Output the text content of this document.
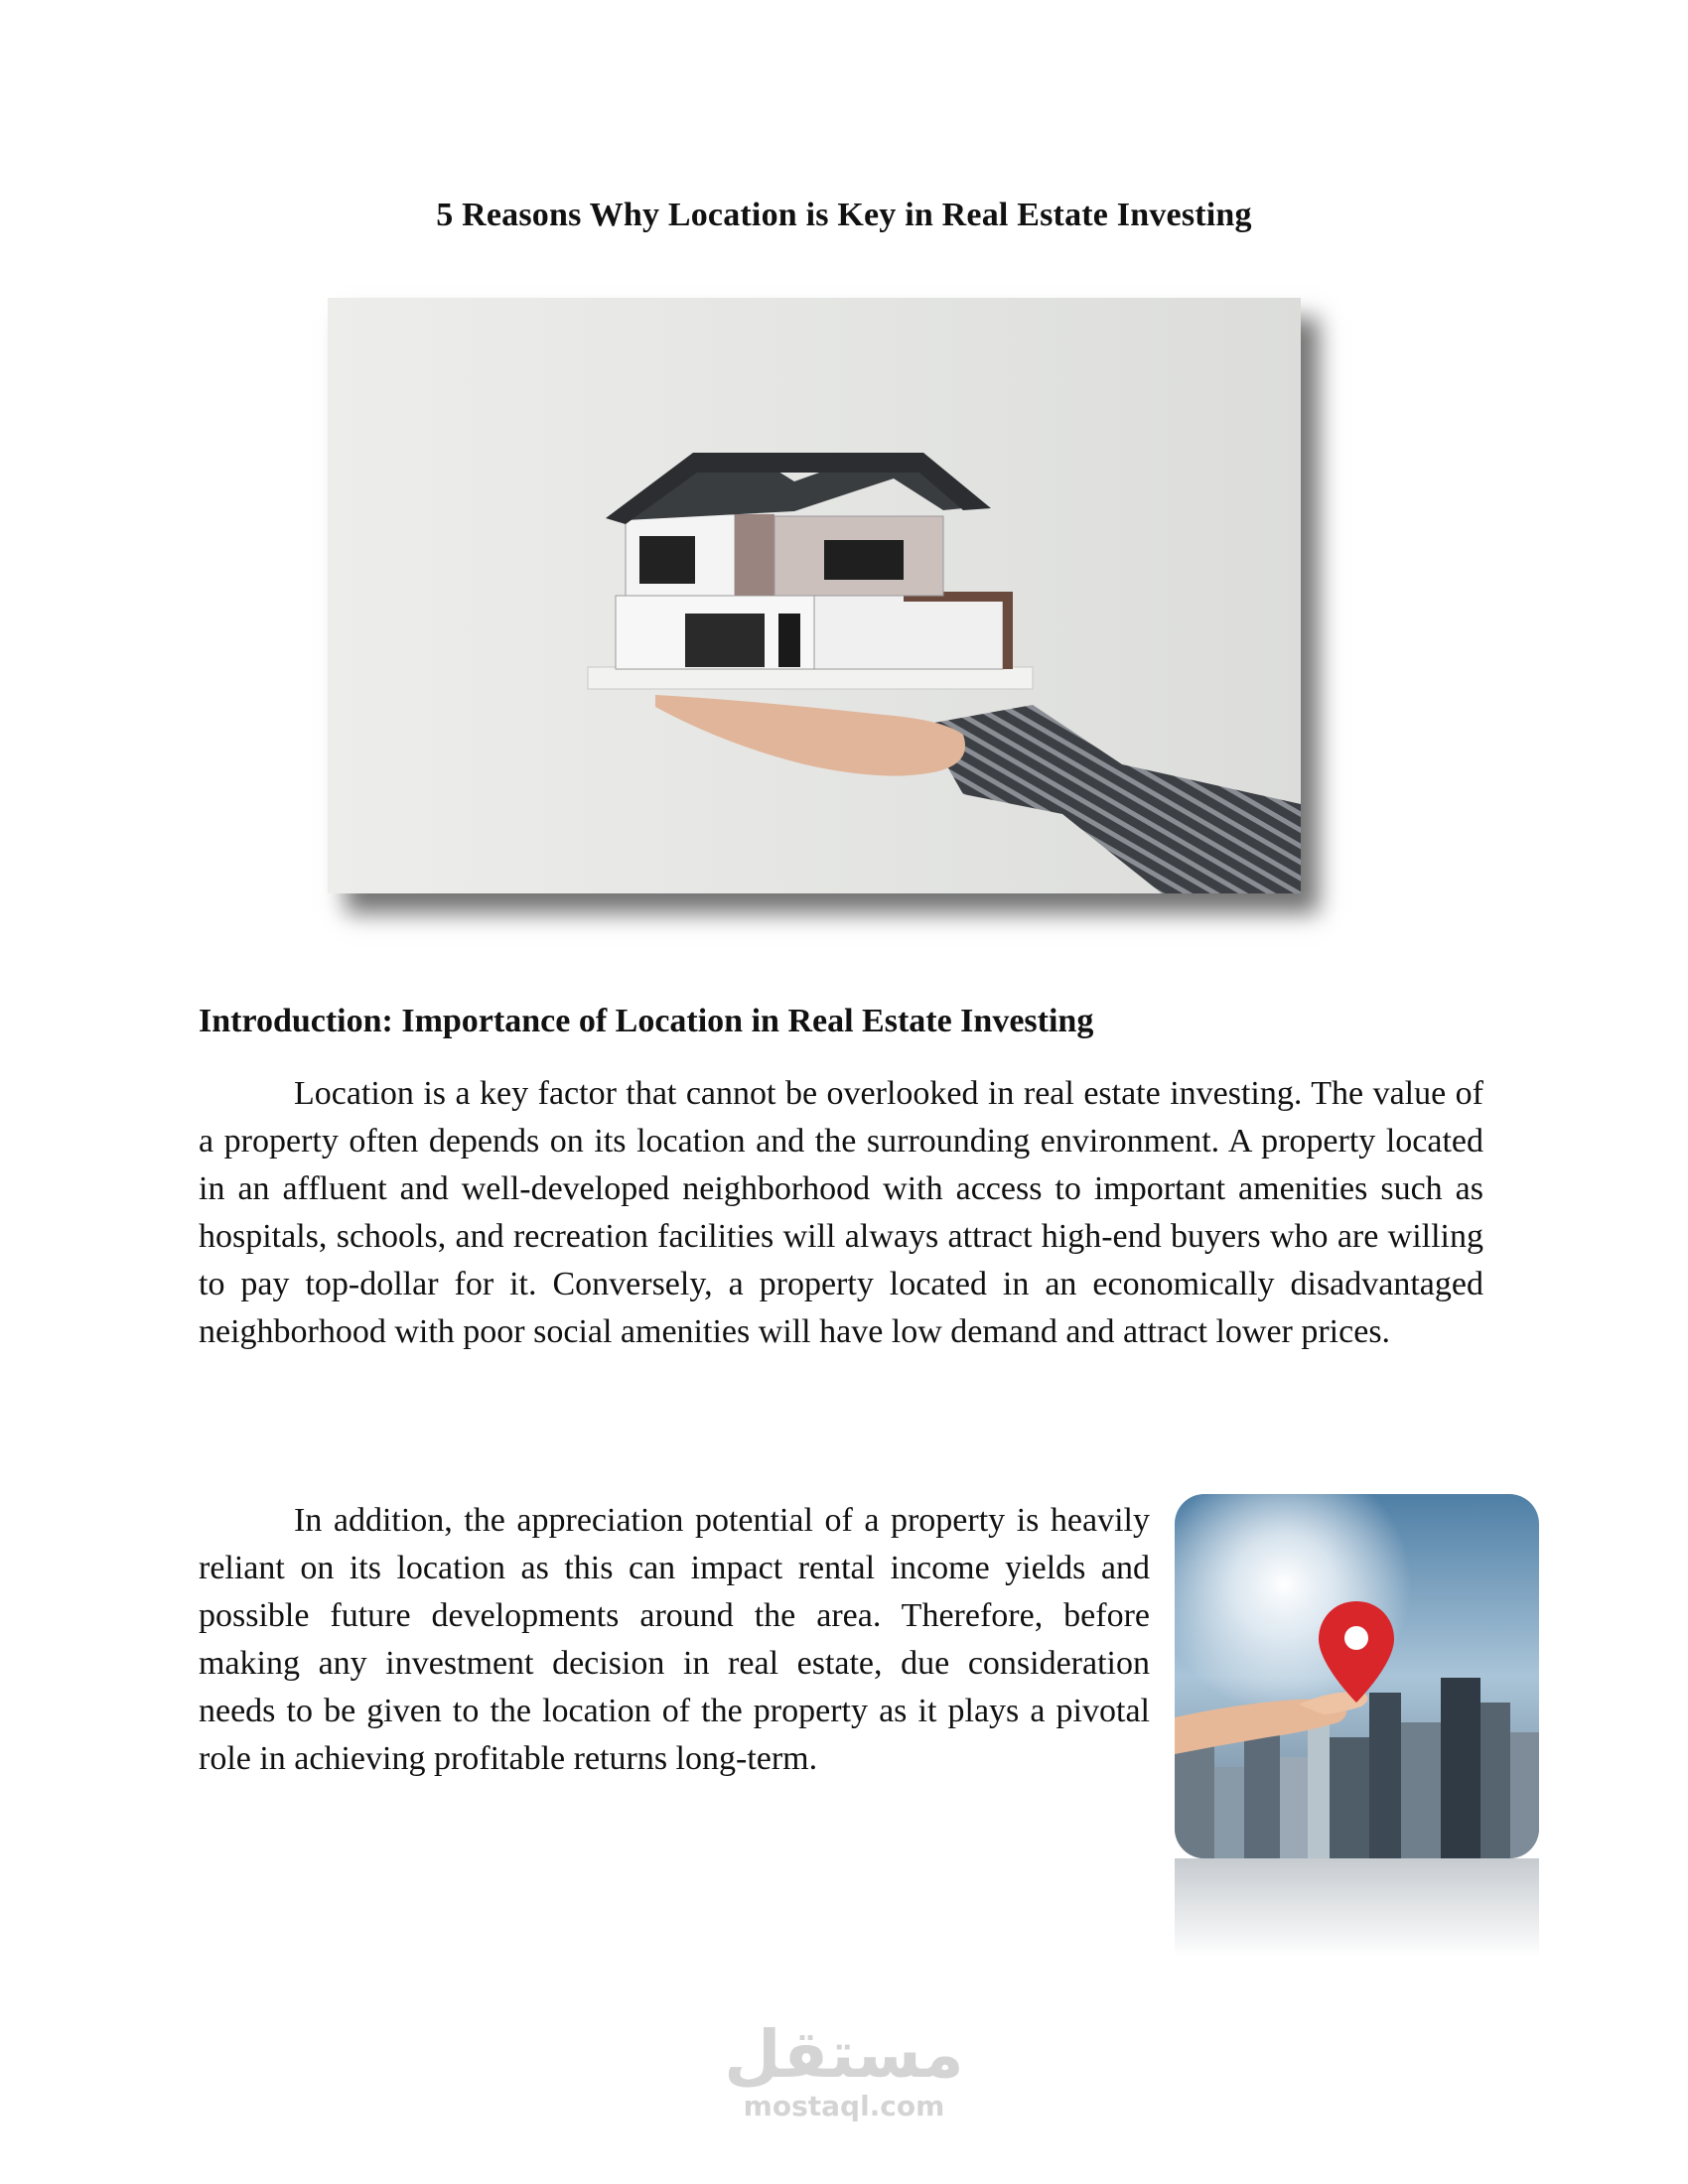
5 Reasons Why Location is Key in Real Estate Investing
Introduction: Importance of Location in Real Estate Investing

Location is a key factor that cannot be overlooked in real estate investing. The value of a property often depends on its location and the surrounding environment. A property located in an affluent and well-developed neighborhood with access to important amenities such as hospitals, schools, and recreation facilities will always attract high-end buyers who are willing to pay top-dollar for it. Conversely, a property located in an economically disadvantaged neighborhood with poor social amenities will have low demand and attract lower prices.

In addition, the appreciation potential of a property is heavily reliant on its location as this can impact rental income yields and possible future developments around the area. Therefore, before making any investment decision in real estate, due consideration needs to be given to the location of the property as it plays a pivotal role in achieving profitable returns long-term.

مستقل
mostaql.com
